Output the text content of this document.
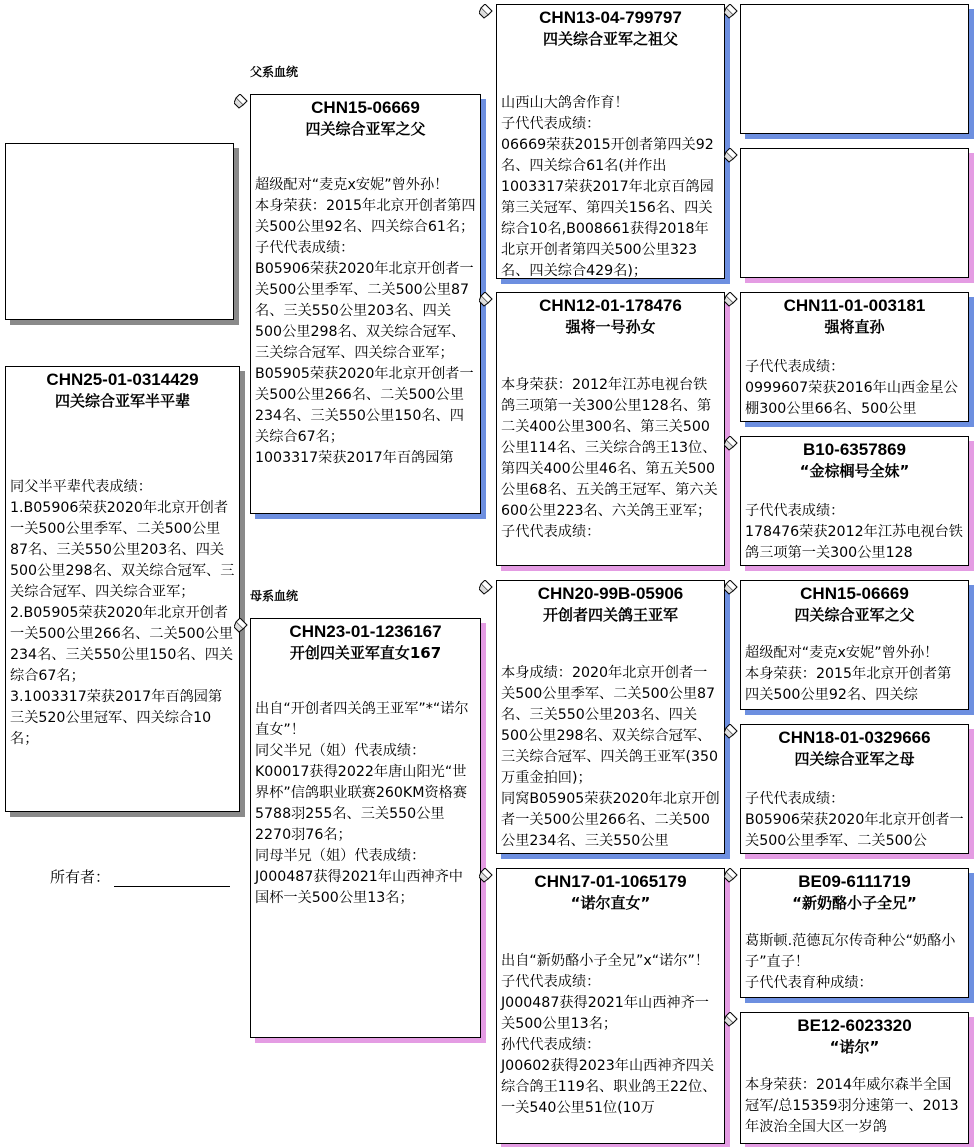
CHN25-01-0314429
四关综合亚军半平辈
同父半平辈代表成绩：
1.B05906荣获2020年北京开创者一关500公里季军、二关500公里87名、三关550公里203名、四关500公里298名、双关综合冠军、三关综合冠军、四关综合亚军；
2.B05905荣获2020年北京开创者一关500公里266名、二关500公里234名、三关550公里150名、四关综合67名；
3.1003317荣获2017年百鸽园第三关520公里冠军、四关综合10名；
父系血统
母系血统
所有者：
CHN15-06669
四关综合亚军之父
超级配对“麦克x安妮”曾外孙！
本身荣获：2015年北京开创者第四关500公里92名、四关综合61名；
子代代表成绩：
B05906荣获2020年北京开创者一关500公里季军、二关500公里87名、三关550公里203名、四关500公里298名、双关综合冠军、三关综合冠军、四关综合亚军；
B05905荣获2020年北京开创者一关500公里266名、二关500公里234名、三关550公里150名、四关综合67名；
1003317荣获2017年百鸽园第
CHN23-01-1236167
开创四关亚军直女167
出自“开创者四关鸽王亚军”*“诺尔直女”！
同父半兄（姐）代表成绩：
K00017获得2022年唐山阳光“世界杯”信鸽职业联赛260KM资格赛5788羽255名、三关550公里2270羽76名；
同母半兄（姐）代表成绩：
J000487获得2021年山西神齐中国杯一关500公里13名；
CHN13-04-799797
四关综合亚军之祖父
山西山大鸽舍作育！
子代代表成绩：
06669荣获2015开创者第四关92名、四关综合61名(并作出1003317荣获2017年北京百鸽园第三关冠军、第四关156名、四关综合10名,B008661获得2018年北京开创者第四关500公里323名、四关综合429名)；
CHN12-01-178476
强将一号孙女
本身荣获：2012年江苏电视台铁鸽三项第一关300公里128名、第二关400公里300名、第三关500公里114名、三关综合鸽王13位、第四关400公里46名、第五关500公里68名、五关鸽王冠军、第六关600公里223名、六关鸽王亚军；
子代代表成绩：
CHN20-99B-05906
开创者四关鸽王亚军
本身成绩：2020年北京开创者一关500公里季军、二关500公里87名、三关550公里203名、四关500公里298名、双关综合冠军、三关综合冠军、四关鸽王亚军(350万重金拍回)；
同窝B05905荣获2020年北京开创者一关500公里266名、二关500公里234名、三关550公里
CHN17-01-1065179
“诺尔直女”
出自“新奶酪小子全兄”x“诺尔”！
子代代表成绩：
J000487获得2021年山西神齐一关500公里13名；
孙代代表成绩：
J00602获得2023年山西神齐四关综合鸽王119名、职业鸽王22位、一关540公里51位(10万
CHN11-01-003181
强将直孙
子代代表成绩：
0999607荣获2016年山西金星公棚300公里66名、500公里
B10-6357869
“金棕榈号全妹”
子代代表成绩：
178476荣获2012年江苏电视台铁鸽三项第一关300公里128
CHN15-06669
四关综合亚军之父
超级配对“麦克x安妮”曾外孙！
本身荣获：2015年北京开创者第四关500公里92名、四关综
CHN18-01-0329666
四关综合亚军之母
子代代表成绩：
B05906荣获2020年北京开创者一关500公里季军、二关500公
BE09-6111719
“新奶酪小子全兄”
葛斯顿.范德瓦尔传奇种公“奶酪小子”直子！
子代代表育种成绩：
BE12-6023320
“诺尔”
本身荣获：2014年威尔森半全国冠军/总15359羽分速第一、2013年波治全国大区一岁鸽
